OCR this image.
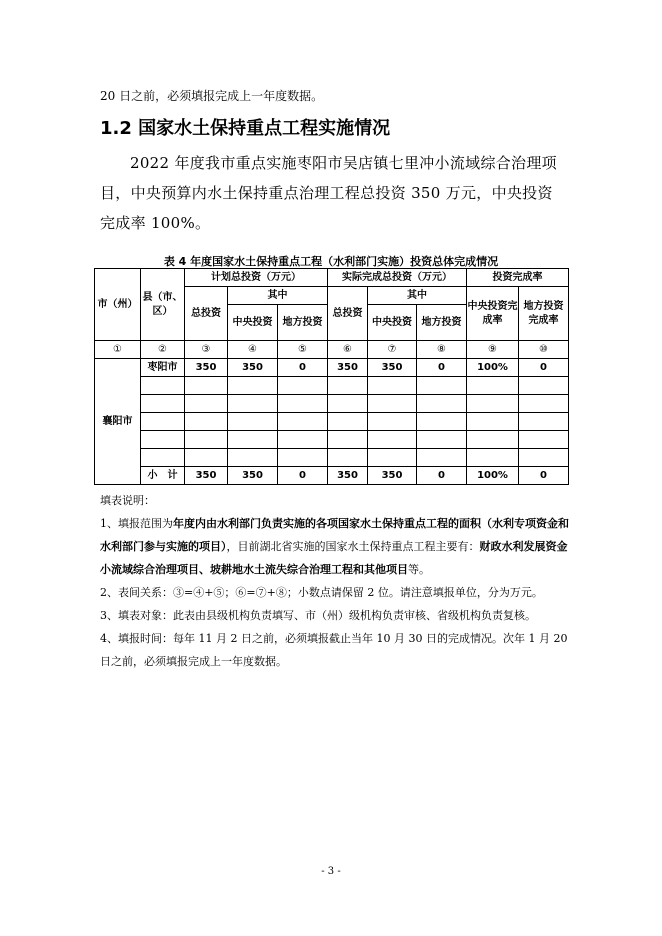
20 日之前，必须填报完成上一年度数据。
1.2 国家水土保持重点工程实施情况
2022 年度我市重点实施枣阳市吴店镇七里冲小流域综合治理项目，中央预算内水土保持重点治理工程总投资 350 万元，中央投资完成率 100%。
表 4 年度国家水土保持重点工程（水利部门实施）投资总体完成情况
市（州）	县（市、区）	计划总投资（万元）			实际完成总投资（万元）			投资完成率	
		总投资	其中		总投资	其中		中央投资完成率	地方投资完成率
			中央投资	地方投资		中央投资	地方投资		
①	②	③	④	⑤	⑥	⑦	⑧	⑨	⑩
襄阳市	枣阳市	350	350	0	350	350	0	100%	0

	小　计	350	350	0	350	350	0	100%	0
填表说明：
1、填报范围为年度内由水利部门负责实施的各项国家水土保持重点工程的面积（水利专项资金和水利部门参与实施的项目），目前湖北省实施的国家水土保持重点工程主要有：财政水利发展资金小流域综合治理项目、坡耕地水土流失综合治理工程和其他项目等。
2、表间关系：③=④+⑤；⑥=⑦+⑧；小数点请保留 2 位。请注意填报单位，分为万元。
3、填表对象：此表由县级机构负责填写、市（州）级机构负责审核、省级机构负责复核。
4、填报时间：每年 11 月 2 日之前，必须填报截止当年 10 月 30 日的完成情况。次年 1 月 20 日之前，必须填报完成上一年度数据。
- 3 -
